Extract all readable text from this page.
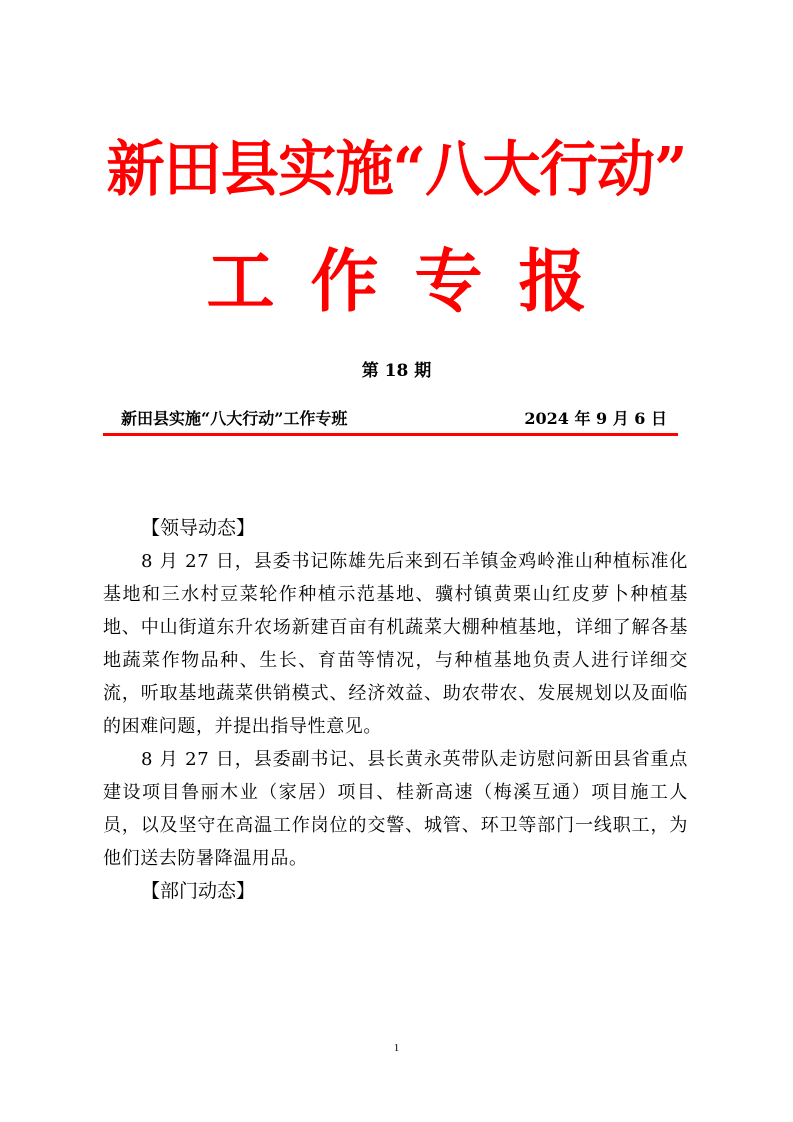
新田县实施“八大行动”
工作专报
第 18 期
新田县实施“八大行动”工作专班	2024 年 9 月 6 日
【领导动态】

8 月 27 日，县委书记陈雄先后来到石羊镇金鸡岭淮山种植标准化基地和三水村豆菜轮作种植示范基地、骥村镇黄栗山红皮萝卜种植基地、中山街道东升农场新建百亩有机蔬菜大棚种植基地，详细了解各基地蔬菜作物品种、生长、育苗等情况，与种植基地负责人进行详细交流，听取基地蔬菜供销模式、经济效益、助农带农、发展规划以及面临的困难问题，并提出指导性意见。

8 月 27 日，县委副书记、县长黄永英带队走访慰问新田县省重点建设项目鲁丽木业（家居）项目、桂新高速（梅溪互通）项目施工人员，以及坚守在高温工作岗位的交警、城管、环卫等部门一线职工，为他们送去防暑降温用品。

【部门动态】
1
